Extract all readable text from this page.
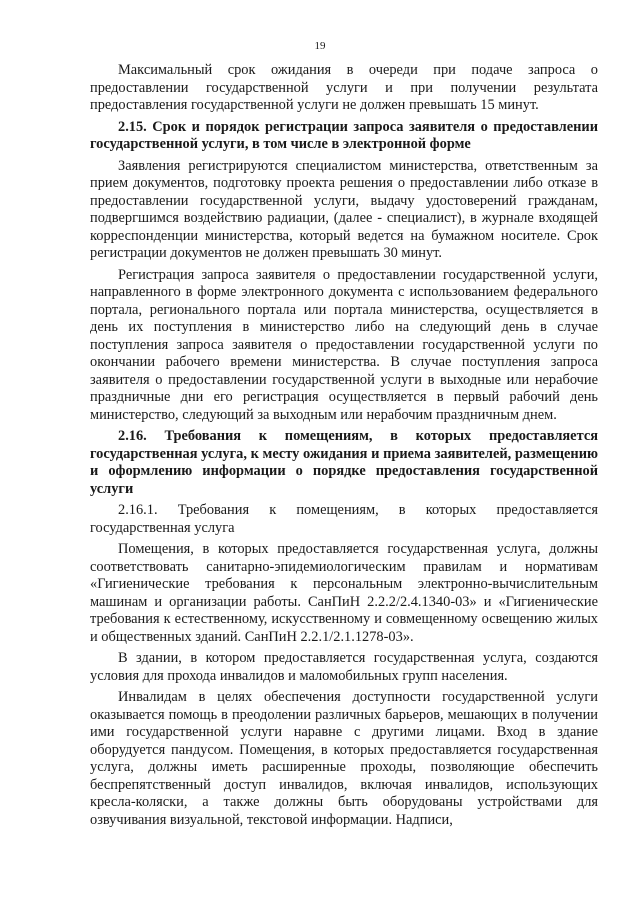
19

Максимальный срок ожидания в очереди при подаче запроса о предоставлении государственной услуги и при получении результата предоставления государственной услуги не должен превышать 15 минут.

2.15. Срок и порядок регистрации запроса заявителя о предоставлении государственной услуги, в том числе в электронной форме

Заявления регистрируются специалистом министерства, ответственным за прием документов, подготовку проекта решения о предоставлении либо отказе в предоставлении государственной услуги, выдачу удостоверений гражданам, подвергшимся воздействию радиации, (далее - специалист), в журнале входящей корреспонденции министерства, который ведется на бумажном носителе. Срок регистрации документов не должен превышать 30 минут.

Регистрация запроса заявителя о предоставлении государственной услуги, направленного в форме электронного документа с использованием федерального портала, регионального портала или портала министерства, осуществляется в день их поступления в министерство либо на следующий день в случае поступления запроса заявителя о предоставлении государственной услуги по окончании рабочего времени министерства. В случае поступления запроса заявителя о предоставлении государственной услуги в выходные или нерабочие праздничные дни его регистрация осуществляется в первый рабочий день министерство, следующий за выходным или нерабочим праздничным днем.

2.16. Требования к помещениям, в которых предоставляется государственная услуга, к месту ожидания и приема заявителей, размещению и оформлению информации о порядке предоставления государственной услуги

2.16.1. Требования к помещениям, в которых предоставляется государственная услуга

Помещения, в которых предоставляется государственная услуга, должны соответствовать санитарно-эпидемиологическим правилам и нормативам «Гигиенические требования к персональным электронно-вычислительным машинам и организации работы. СанПиН 2.2.2/2.4.1340-03» и «Гигиенические требования к естественному, искусственному и совмещенному освещению жилых и общественных зданий. СанПиН 2.2.1/2.1.1278-03».

В здании, в котором предоставляется государственная услуга, создаются условия для прохода инвалидов и маломобильных групп населения.

Инвалидам в целях обеспечения доступности государственной услуги оказывается помощь в преодолении различных барьеров, мешающих в получении ими государственной услуги наравне с другими лицами. Вход в здание оборудуется пандусом. Помещения, в которых предоставляется государственная услуга, должны иметь расширенные проходы, позволяющие обеспечить беспрепятственный доступ инвалидов, включая инвалидов, использующих кресла-коляски, а также должны быть оборудованы устройствами для озвучивания визуальной, текстовой информации. Надписи,
